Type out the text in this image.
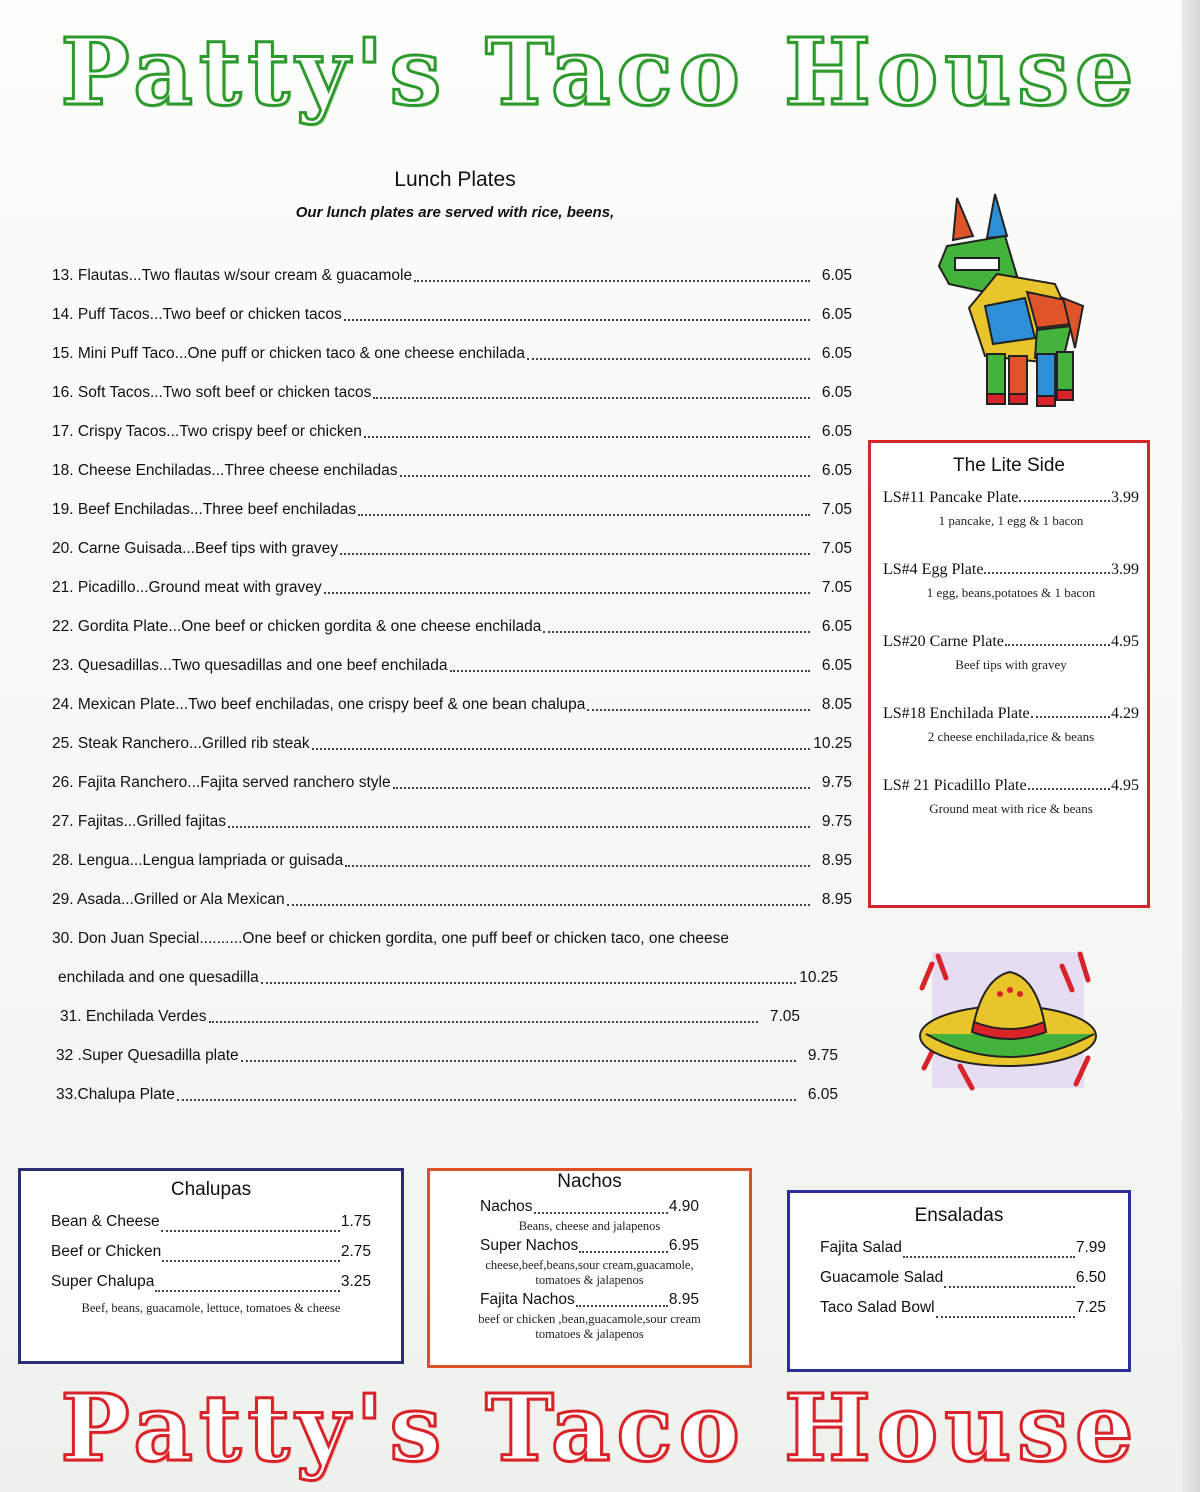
Patty's Taco House
Lunch Plates
Our lunch plates are served with rice, beens,
13. Flautas...Two flautas w/sour cream & guacamole	6.05
14. Puff Tacos...Two beef or chicken tacos	6.05
15. Mini Puff Taco...One puff or chicken taco & one cheese enchilada	6.05
16. Soft Tacos...Two soft beef or chicken tacos	6.05
17. Crispy Tacos...Two crispy beef or chicken	6.05
18. Cheese Enchiladas...Three cheese enchiladas	6.05
19. Beef Enchiladas...Three beef enchiladas	7.05
20. Carne Guisada...Beef tips with gravey	7.05
21. Picadillo...Ground meat with gravey	7.05
22. Gordita Plate...One beef or chicken gordita & one cheese enchilada	6.05
23. Quesadillas...Two quesadillas and one beef enchilada	6.05
24. Mexican Plate...Two beef enchiladas, one crispy beef & one bean chalupa	8.05
25. Steak Ranchero...Grilled rib steak	10.25
26. Fajita Ranchero...Fajita served ranchero style	9.75
27. Fajitas...Grilled fajitas	9.75
28. Lengua...Lengua lampriada or guisada	8.95
29. Asada...Grilled or Ala Mexican	8.95
30. Don Juan Special..........One beef or chicken gordita, one puff beef or chicken taco, one cheese
enchilada and one quesadilla	10.25
31. Enchilada Verdes	7.05
32 .Super Quesadilla plate	9.75
33.Chalupa Plate	6.05
The Lite Side
LS#11 Pancake Plate	3.99
1 pancake, 1 egg & 1 bacon
LS#4 Egg Plate	3.99
1 egg, beans,potatoes & 1 bacon
LS#20 Carne Plate	4.95
Beef tips with gravey
LS#18 Enchilada Plate	4.29
2 cheese enchilada,rice & beans
LS# 21 Picadillo Plate	4.95
Ground meat with rice & beans
Chalupas
Bean & Cheese	1.75
Beef or Chicken	2.75
Super Chalupa	3.25
Beef, beans, guacamole, lettuce, tomatoes & cheese
Nachos
Nachos	4.90
Beans, cheese and jalapenos
Super Nachos	6.95
cheese,beef,beans,sour cream,guacamole,
tomatoes & jalapenos
Fajita Nachos	8.95
beef or chicken ,bean,guacamole,sour cream
tomatoes & jalapenos
Ensaladas
Fajita Salad	7.99
Guacamole Salad	6.50
Taco Salad Bowl	7.25
Patty's Taco House
